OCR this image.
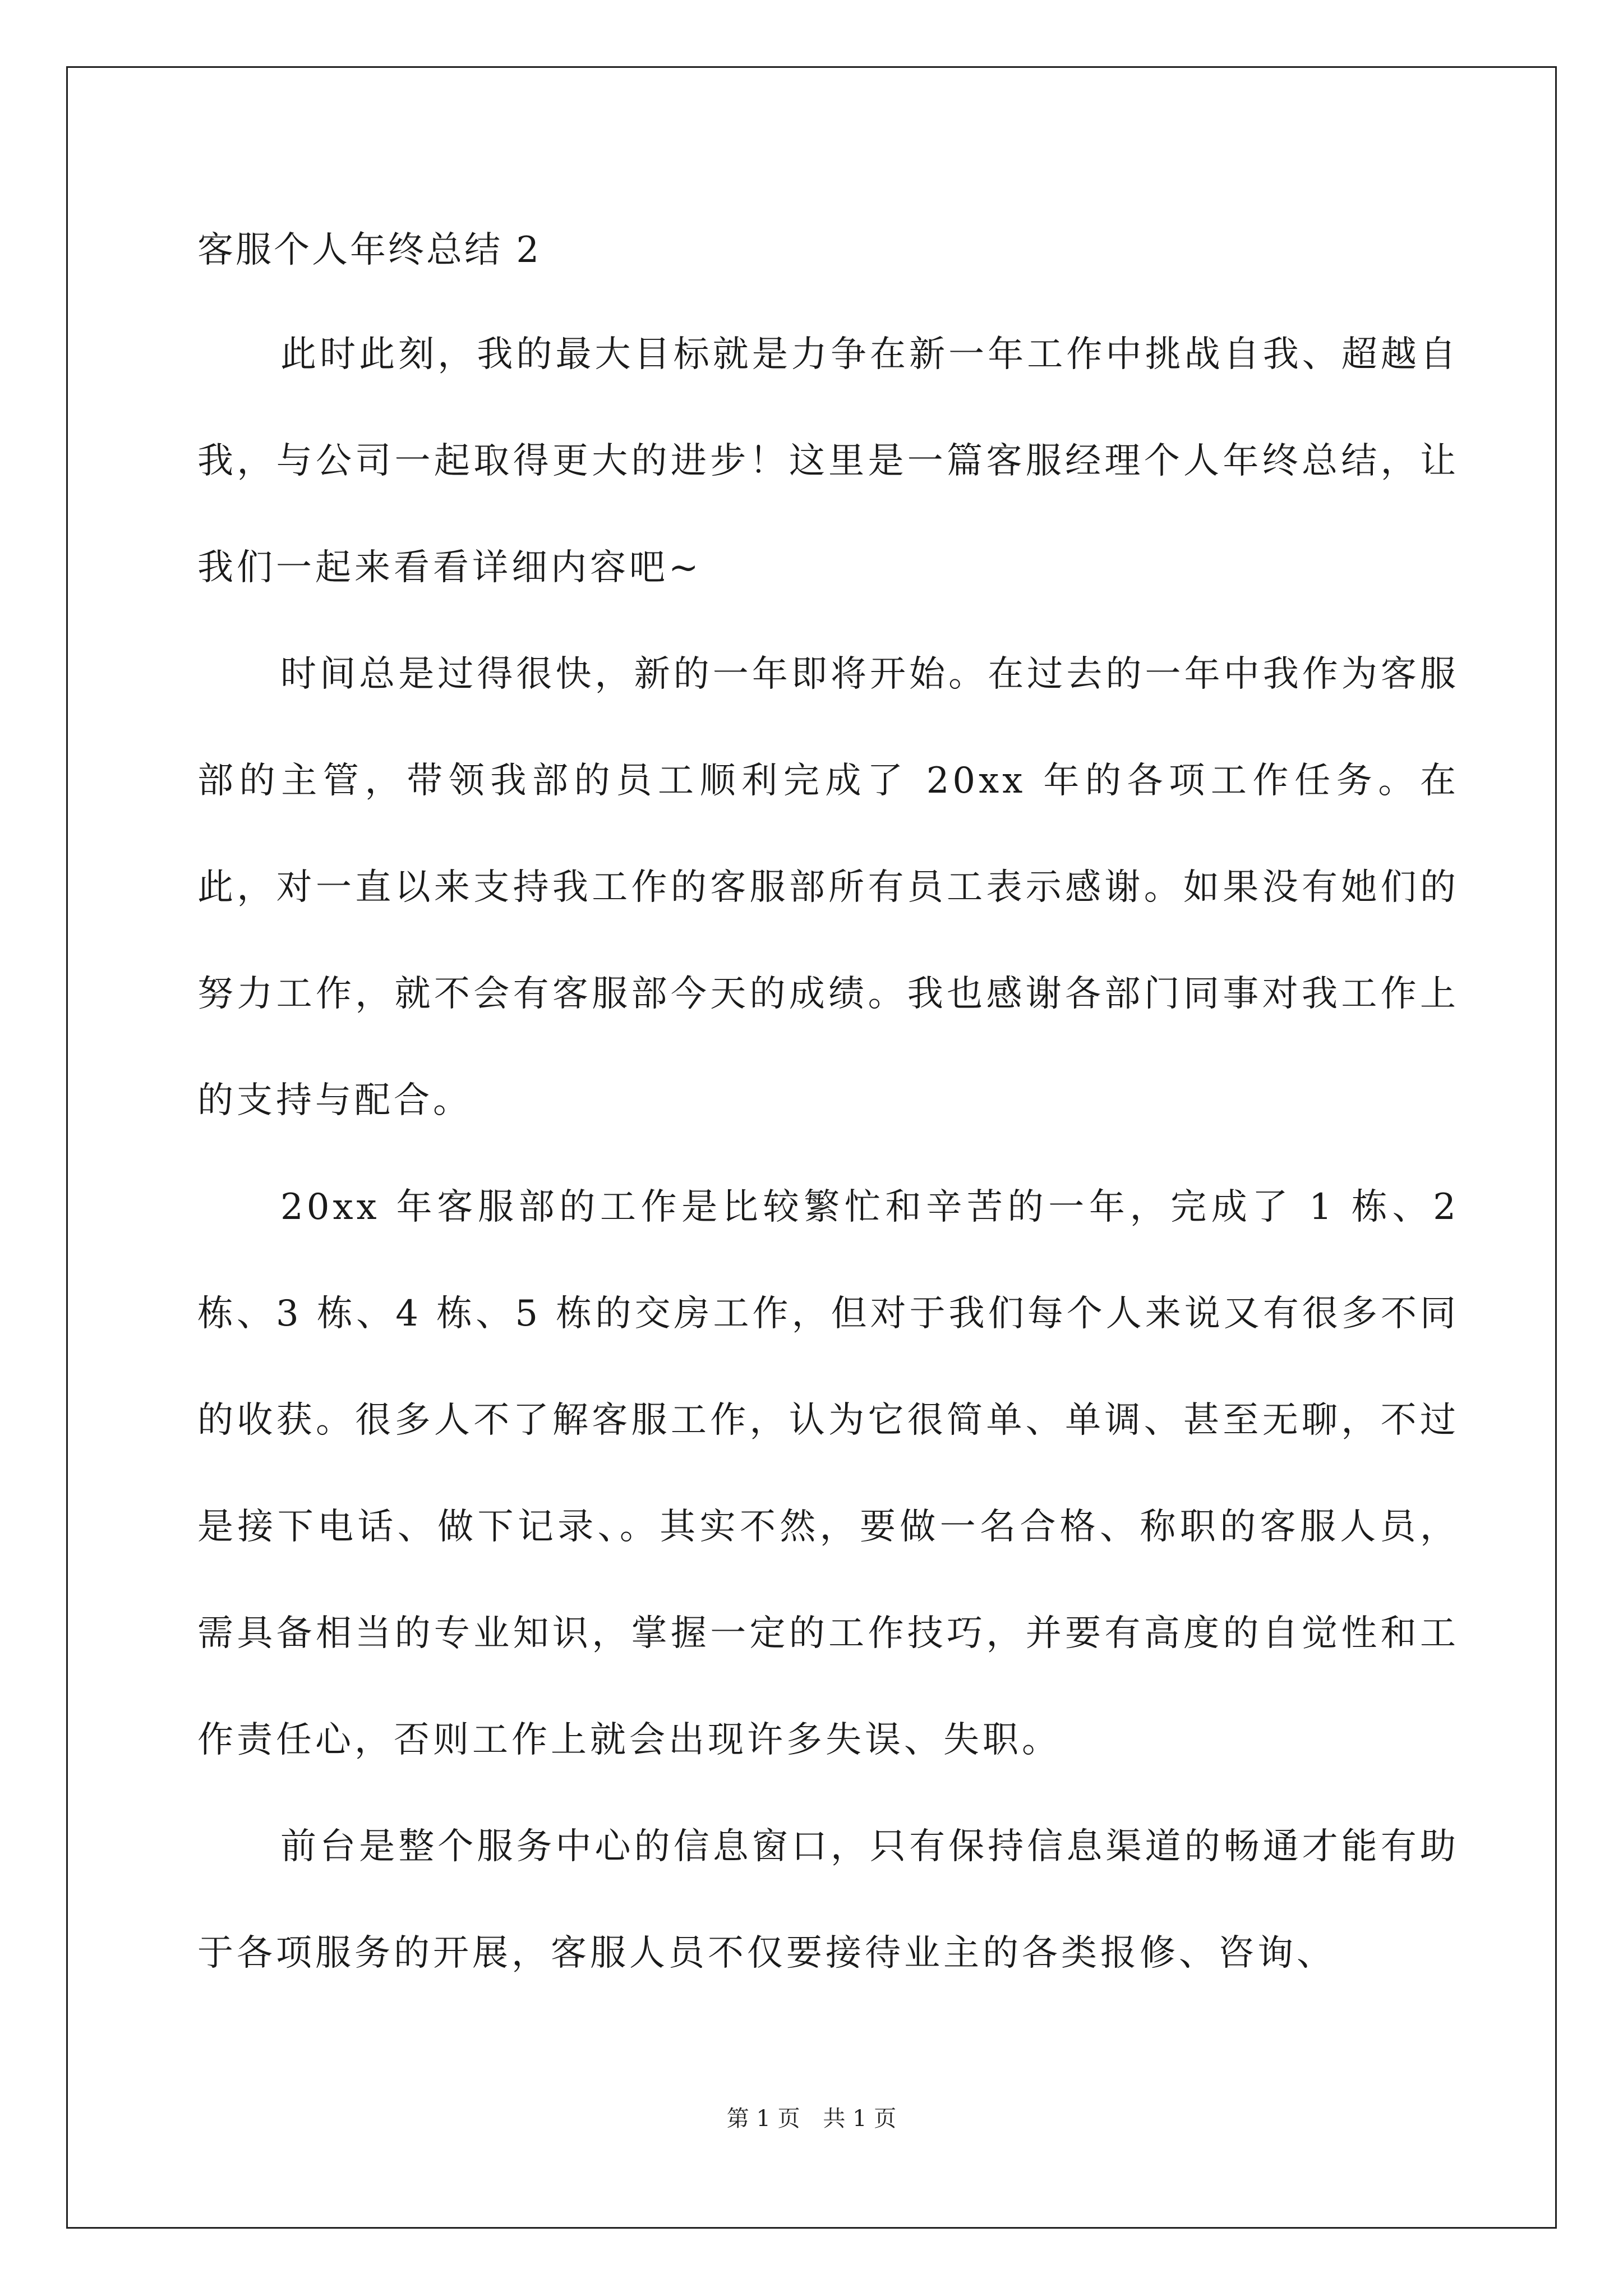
客服个人年终总结 2

此时此刻，我的最大目标就是力争在新一年工作中挑战自我、超越自我，与公司一起取得更大的进步！这里是一篇客服经理个人年终总结，让我们一起来看看详细内容吧~

时间总是过得很快，新的一年即将开始。在过去的一年中我作为客服部的主管，带领我部的员工顺利完成了 20xx 年的各项工作任务。在此，对一直以来支持我工作的客服部所有员工表示感谢。如果没有她们的努力工作，就不会有客服部今天的成绩。我也感谢各部门同事对我工作上的支持与配合。

20xx 年客服部的工作是比较繁忙和辛苦的一年，完成了 1 栋、2 栋、3 栋、4 栋、5 栋的交房工作，但对于我们每个人来说又有很多不同的收获。很多人不了解客服工作，认为它很简单、单调、甚至无聊，不过是接下电话、做下记录、。其实不然，要做一名合格、称职的客服人员，需具备相当的专业知识，掌握一定的工作技巧，并要有高度的自觉性和工作责任心，否则工作上就会出现许多失误、失职。

前台是整个服务中心的信息窗口，只有保持信息渠道的畅通才能有助于各项服务的开展，客服人员不仅要接待业主的各类报修、咨询、

第 1 页 共 1 页
